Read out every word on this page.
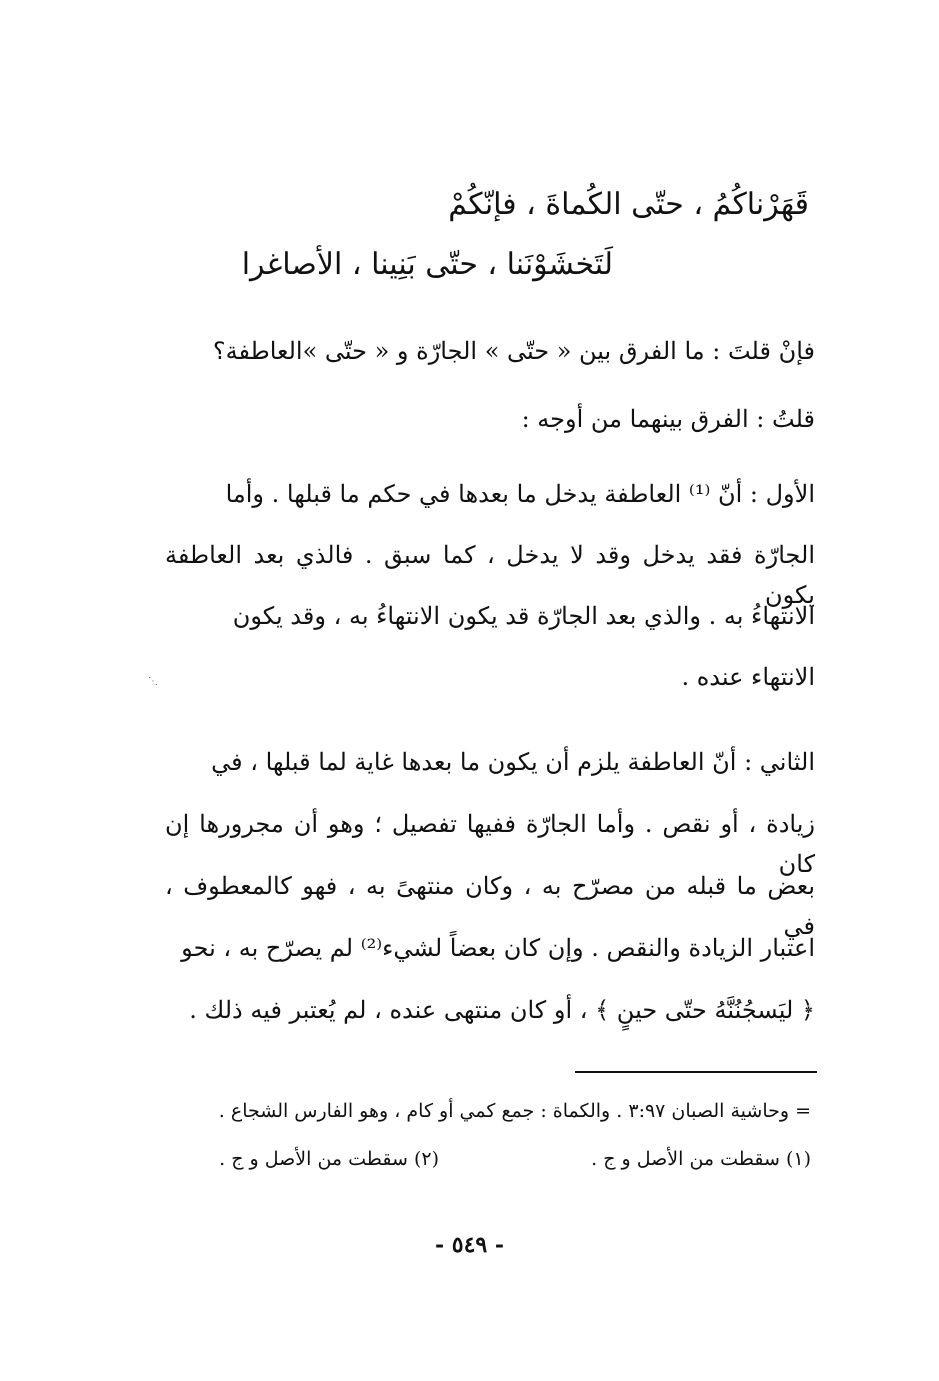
قَهَرْناكُمُ ، حتّى الكُماةَ ، فإنّكُمْ
لَتَخشَوْنَنا ، حتّى بَنِينا ، الأصاغرا

فإنْ قلتَ : ما الفرق بين « حتّى » الجارّة و « حتّى »العاطفة؟

قلتُ : الفرق بينهما من أوجه :

الأول : أنّ ⁽¹⁾ العاطفة يدخل ما بعدها في حكم ما قبلها . وأما

الجارّة فقد يدخل وقد لا يدخل ، كما سبق . فالذي بعد العاطفة يكون

الانتهاءُ به . والذي بعد الجارّة قد يكون الانتهاءُ به ، وقد يكون

الانتهاء عنده .

الثاني : أنّ العاطفة يلزم أن يكون ما بعدها غاية لما قبلها ، في

زيادة ، أو نقص . وأما الجارّة ففيها تفصيل ؛ وهو أن مجرورها إن كان

بعض ما قبله من مصرّح به ، وكان منتهىً به ، فهو كالمعطوف ، في

اعتبار الزيادة والنقص . وإن كان بعضاً لشيء⁽²⁾ لم يصرّح به ، نحو

﴿ ليَسجُنُنَّهُ حتّى حينٍ ﴾ ، أو كان منتهى عنده ، لم يُعتبر فيه ذلك .

= وحاشية الصبان ٣:٩٧ . والكماة : جمع كمي أو كام ، وهو الفارس الشجاع .
(١) سقطت من الأصل و ج .
(٢) سقطت من الأصل و ج .
- ٥٤٩ -
⋰
